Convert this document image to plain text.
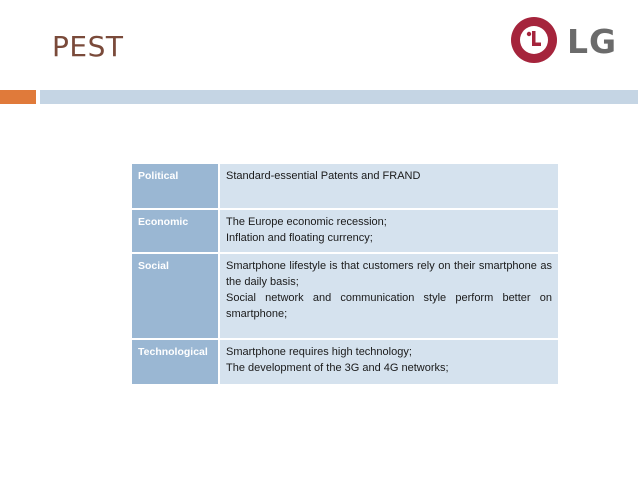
PEST	LG
Political	Standard-essential Patents and FRAND

Economic	The Europe economic recession;
Inflation and floating currency;

Social	Smartphone lifestyle is that customers rely on their smartphone as the daily basis;
Social network and communication style perform better on smartphone;

Technological	Smartphone requires high technology;
The development of the 3G and 4G networks;
